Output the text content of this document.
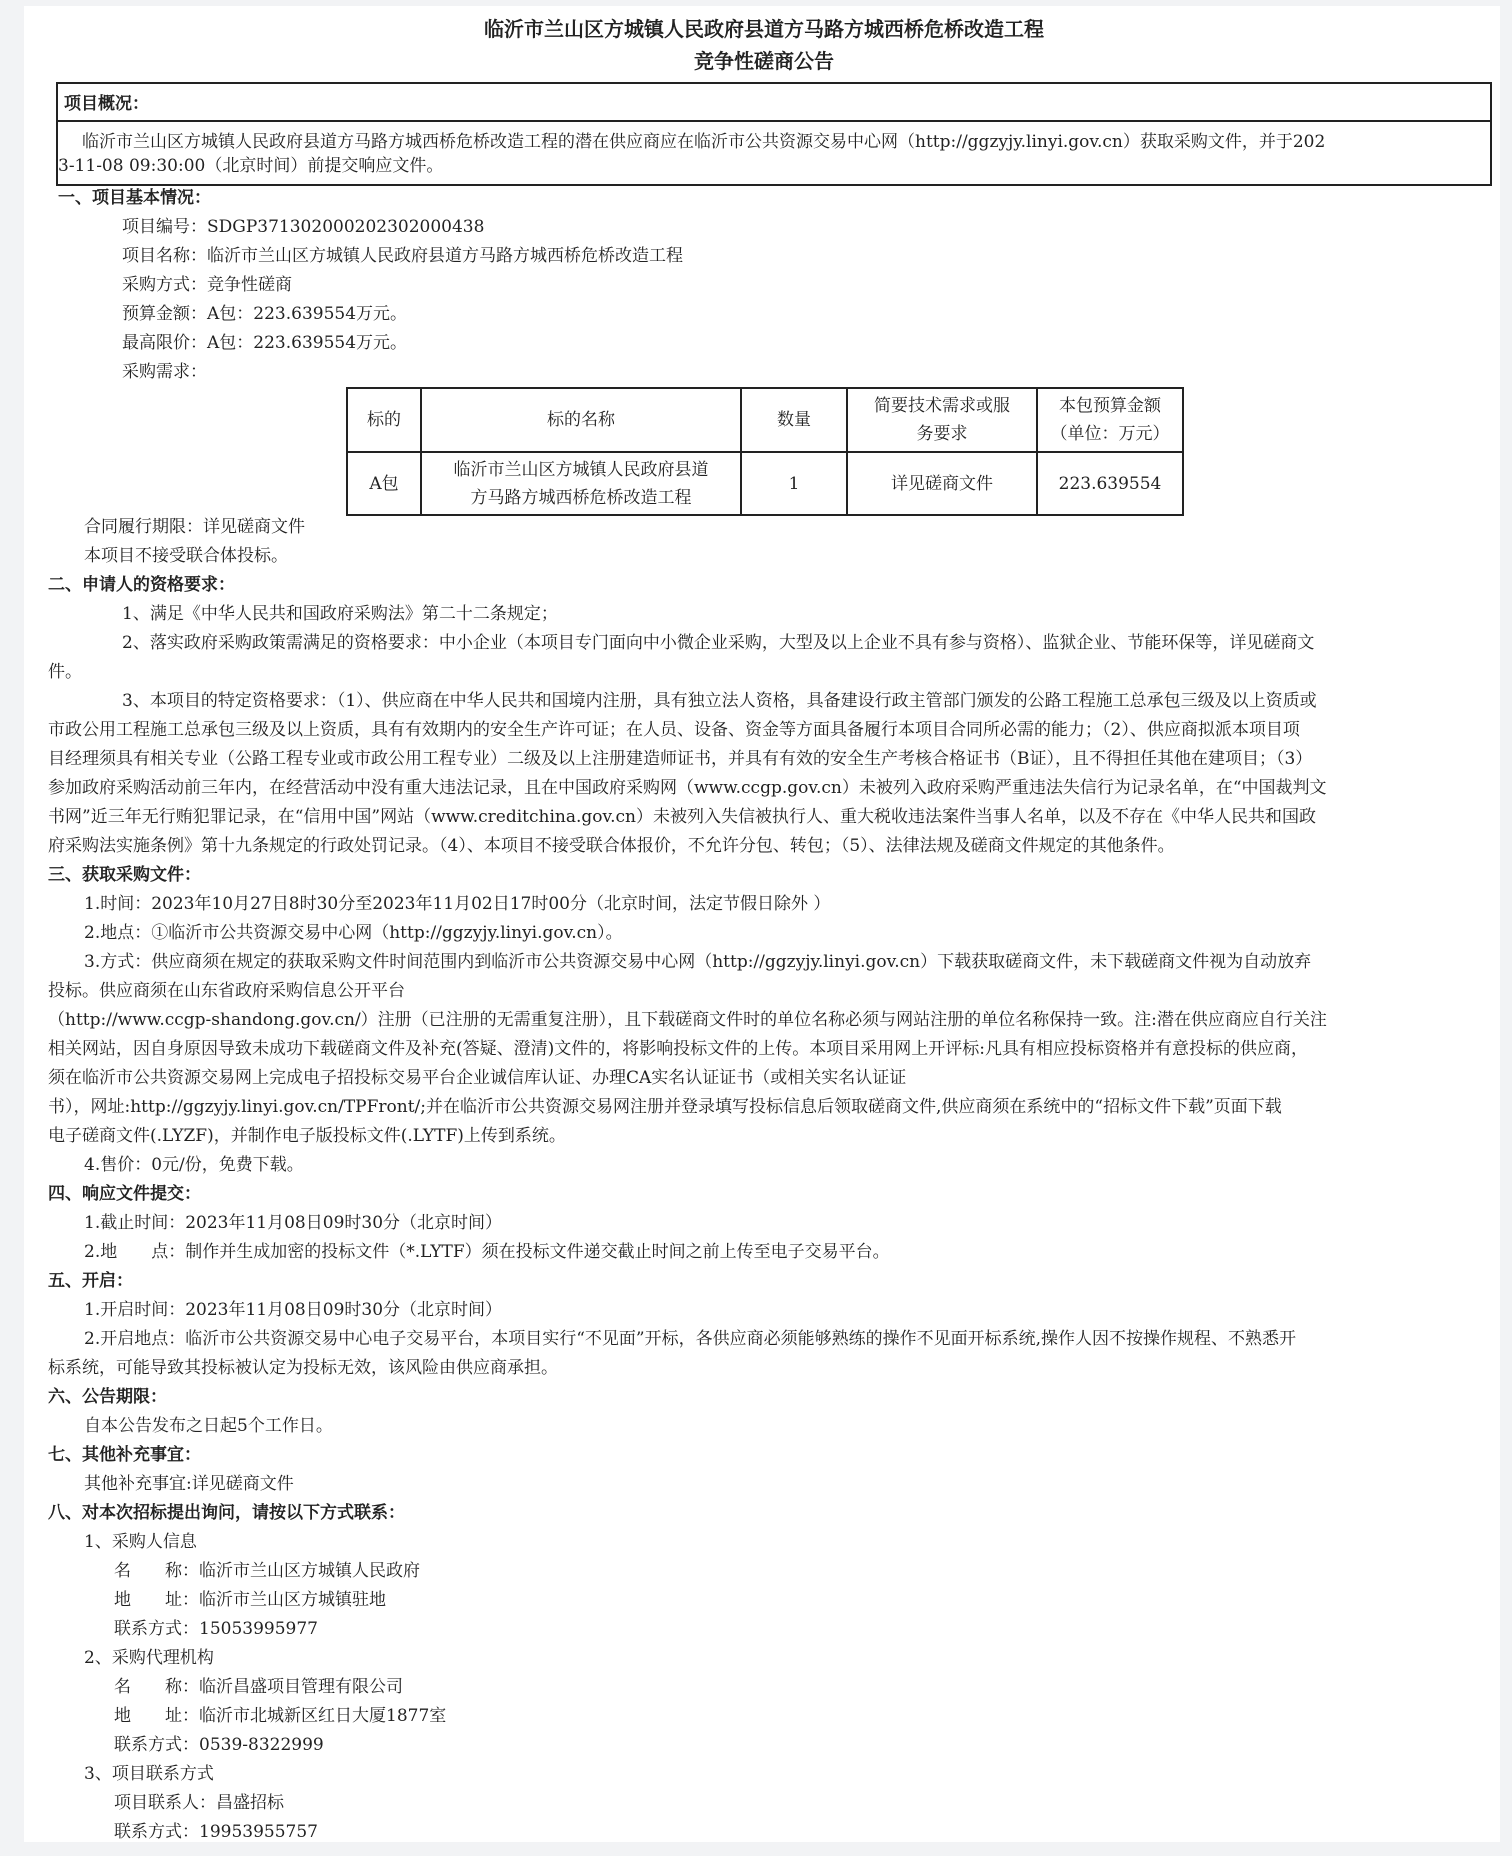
临沂市兰山区方城镇人民政府县道方马路方城西桥危桥改造工程
竞争性磋商公告
项目概况：
临沂市兰山区方城镇人民政府县道方马路方城西桥危桥改造工程的潜在供应商应在临沂市公共资源交易中心网（http://ggzyjy.linyi.gov.cn）获取采购文件，并于202
3-11-08 09:30:00（北京时间）前提交响应文件。
一、项目基本情况：
项目编号：SDGP371302000202302000438
项目名称：临沂市兰山区方城镇人民政府县道方马路方城西桥危桥改造工程
采购方式：竞争性磋商
预算金额：A包：223.639554万元。
最高限价：A包：223.639554万元。
采购需求：
标的	标的名称	数量	简要技术需求或服
务要求	本包预算金额
（单位：万元）
A包	临沂市兰山区方城镇人民政府县道
方马路方城西桥危桥改造工程	1	详见磋商文件	223.639554
合同履行期限：详见磋商文件
本项目不接受联合体投标。
二、申请人的资格要求：
1、满足《中华人民共和国政府采购法》第二十二条规定；
2、落实政府采购政策需满足的资格要求：中小企业（本项目专门面向中小微企业采购，大型及以上企业不具有参与资格）、监狱企业、节能环保等，详见磋商文
件。
3、本项目的特定资格要求：（1）、供应商在中华人民共和国境内注册，具有独立法人资格，具备建设行政主管部门颁发的公路工程施工总承包三级及以上资质或
市政公用工程施工总承包三级及以上资质，具有有效期内的安全生产许可证；在人员、设备、资金等方面具备履行本项目合同所必需的能力；（2）、供应商拟派本项目项
目经理须具有相关专业（公路工程专业或市政公用工程专业）二级及以上注册建造师证书，并具有有效的安全生产考核合格证书（B证），且不得担任其他在建项目；（3）
参加政府采购活动前三年内，在经营活动中没有重大违法记录，且在中国政府采购网（www.ccgp.gov.cn）未被列入政府采购严重违法失信行为记录名单，在“中国裁判文
书网”近三年无行贿犯罪记录，在“信用中国”网站（www.creditchina.gov.cn）未被列入失信被执行人、重大税收违法案件当事人名单，以及不存在《中华人民共和国政
府采购法实施条例》第十九条规定的行政处罚记录。（4）、本项目不接受联合体报价，不允许分包、转包；（5）、法律法规及磋商文件规定的其他条件。
三、获取采购文件：
1.时间：2023年10月27日8时30分至2023年11月02日17时00分（北京时间，法定节假日除外 ）
2.地点：①临沂市公共资源交易中心网（http://ggzyjy.linyi.gov.cn）。
3.方式：供应商须在规定的获取采购文件时间范围内到临沂市公共资源交易中心网（http://ggzyjy.linyi.gov.cn）下载获取磋商文件，未下载磋商文件视为自动放弃
投标。供应商须在山东省政府采购信息公开平台
（http://www.ccgp-shandong.gov.cn/）注册（已注册的无需重复注册），且下载磋商文件时的单位名称必须与网站注册的单位名称保持一致。注:潜在供应商应自行关注
相关网站，因自身原因导致未成功下载磋商文件及补充(答疑、澄清)文件的，将影响投标文件的上传。本项目采用网上开评标:凡具有相应投标资格并有意投标的供应商，
须在临沂市公共资源交易网上完成电子招投标交易平台企业诚信库认证、办理CA实名认证证书（或相关实名认证证
书），网址:http://ggzyjy.linyi.gov.cn/TPFront/;并在临沂市公共资源交易网注册并登录填写投标信息后领取磋商文件,供应商须在系统中的“招标文件下载”页面下载
电子磋商文件(.LYZF)，并制作电子版投标文件(.LYTF)上传到系统。
4.售价：0元/份，免费下载。
四、响应文件提交：
1.截止时间：2023年11月08日09时30分（北京时间）
2.地　　点：制作并生成加密的投标文件（*.LYTF）须在投标文件递交截止时间之前上传至电子交易平台。
五、开启：
1.开启时间：2023年11月08日09时30分（北京时间）
2.开启地点：临沂市公共资源交易中心电子交易平台，本项目实行“不见面”开标，各供应商必须能够熟练的操作不见面开标系统,操作人因不按操作规程、不熟悉开
标系统，可能导致其投标被认定为投标无效，该风险由供应商承担。
六、公告期限：
自本公告发布之日起5个工作日。
七、其他补充事宜：
其他补充事宜:详见磋商文件
八、对本次招标提出询问，请按以下方式联系：
1、采购人信息
名　　称：临沂市兰山区方城镇人民政府
地　　址：临沂市兰山区方城镇驻地
联系方式：15053995977
2、采购代理机构
名　　称：临沂昌盛项目管理有限公司
地　　址：临沂市北城新区红日大厦1877室
联系方式：0539-8322999
3、项目联系方式
项目联系人：昌盛招标
联系方式：19953955757
